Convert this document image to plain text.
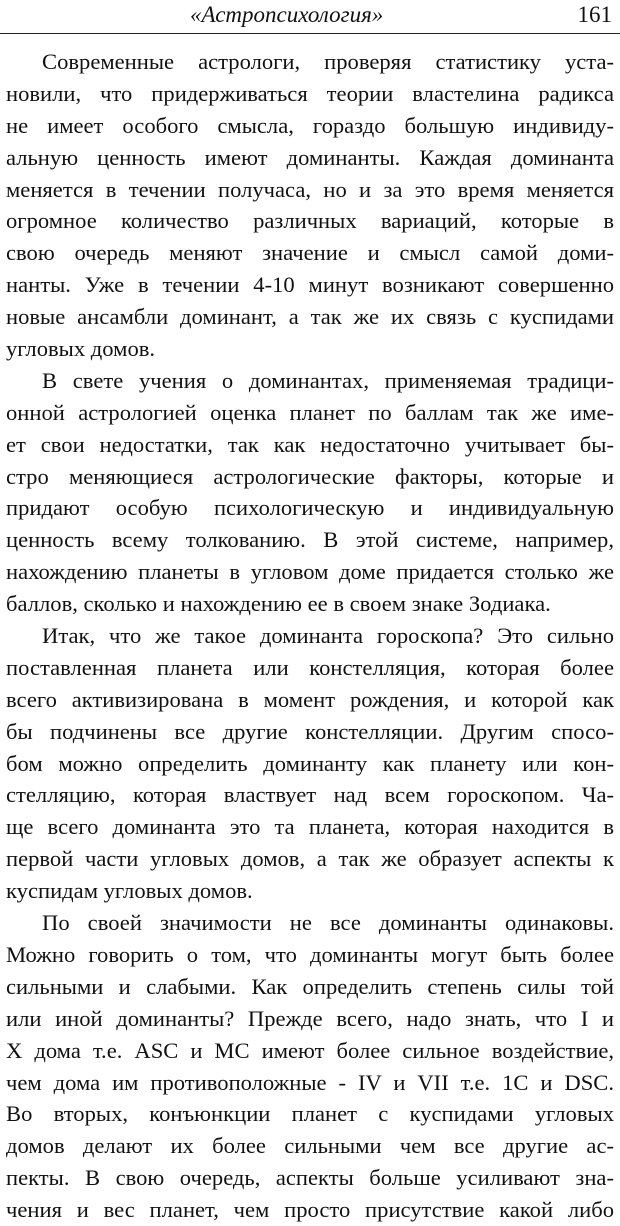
«Астропсихология»	161
Современные астрологи, проверяя статистику уста-
новили, что придерживаться теории властелина радикса
не имеет особого смысла, гораздо большую индивиду-
альную ценность имеют доминанты. Каждая доминанта
меняется в течении получаса, но и за это время меняется
огромное количество различных вариаций, которые в
свою очередь меняют значение и смысл самой доми-
нанты. Уже в течении 4-10 минут возникают совершенно
новые ансамбли доминант, а так же их связь с куспидами
угловых домов.
В свете учения о доминантах, применяемая традици-
онной астрологией оценка планет по баллам так же име-
ет свои недостатки, так как недостаточно учитывает бы-
стро меняющиеся астрологические факторы, которые и
придают особую психологическую и индивидуальную
ценность всему толкованию. В этой системе, например,
нахождению планеты в угловом доме придается столько же
баллов, сколько и нахождению ее в своем знаке Зодиака.
Итак, что же такое доминанта гороскопа? Это сильно
поставленная планета или констелляция, которая более
всего активизирована в момент рождения, и которой как
бы подчинены все другие констелляции. Другим спосо-
бом можно определить доминанту как планету или кон-
стелляцию, которая властвует над всем гороскопом. Ча-
ще всего доминанта это та планета, которая находится в
первой части угловых домов, а так же образует аспекты к
куспидам угловых домов.
По своей значимости не все доминанты одинаковы.
Можно говорить о том, что доминанты могут быть более
сильными и слабыми. Как определить степень силы той
или иной доминанты? Прежде всего, надо знать, что I и
X дома т.е. ASC и MC имеют более сильное воздействие,
чем дома им противоположные - IV и VII т.е. 1C и DSC.
Во вторых, конъюнкции планет с куспидами угловых
домов делают их более сильными чем все другие ас-
пекты. В свою очередь, аспекты больше усиливают зна-
чения и вес планет, чем просто присутствие какой либо
